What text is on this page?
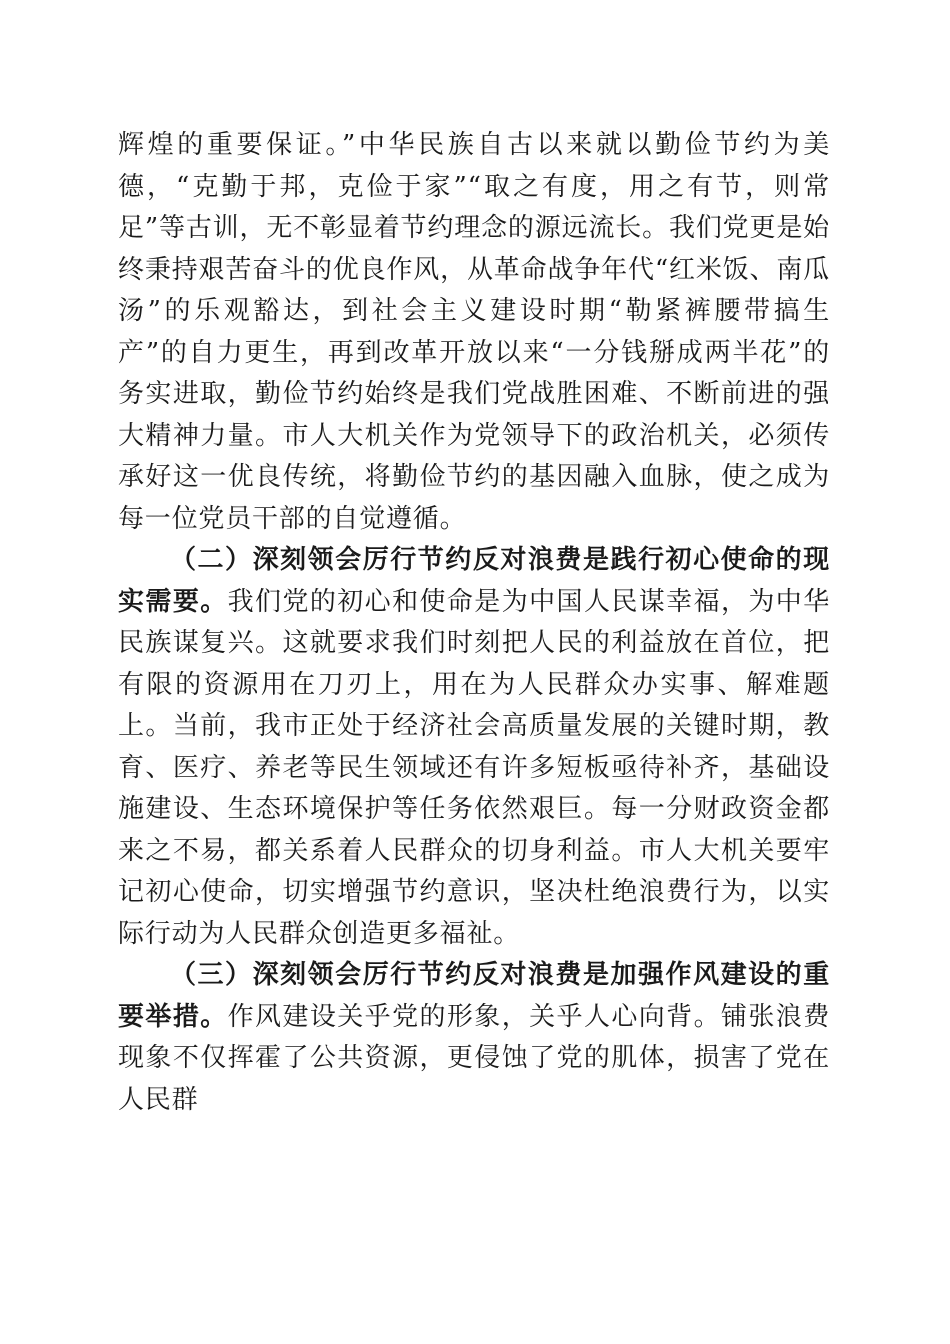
辉煌的重要保证。”中华民族自古以来就以勤俭节约为美德，“克勤于邦，克俭于家”“取之有度，用之有节，则常足”等古训，无不彰显着节约理念的源远流长。我们党更是始终秉持艰苦奋斗的优良作风，从革命战争年代“红米饭、南瓜汤”的乐观豁达，到社会主义建设时期“勒紧裤腰带搞生产”的自力更生，再到改革开放以来“一分钱掰成两半花”的务实进取，勤俭节约始终是我们党战胜困难、不断前进的强大精神力量。市人大机关作为党领导下的政治机关，必须传承好这一优良传统，将勤俭节约的基因融入血脉，使之成为每一位党员干部的自觉遵循。

（二）深刻领会厉行节约反对浪费是践行初心使命的现实需要。我们党的初心和使命是为中国人民谋幸福，为中华民族谋复兴。这就要求我们时刻把人民的利益放在首位，把有限的资源用在刀刃上，用在为人民群众办实事、解难题上。当前，我市正处于经济社会高质量发展的关键时期，教育、医疗、养老等民生领域还有许多短板亟待补齐，基础设施建设、生态环境保护等任务依然艰巨。每一分财政资金都来之不易，都关系着人民群众的切身利益。市人大机关要牢记初心使命，切实增强节约意识，坚决杜绝浪费行为，以实际行动为人民群众创造更多福祉。

（三）深刻领会厉行节约反对浪费是加强作风建设的重要举措。作风建设关乎党的形象，关乎人心向背。铺张浪费现象不仅挥霍了公共资源，更侵蚀了党的肌体，损害了党在人民群
